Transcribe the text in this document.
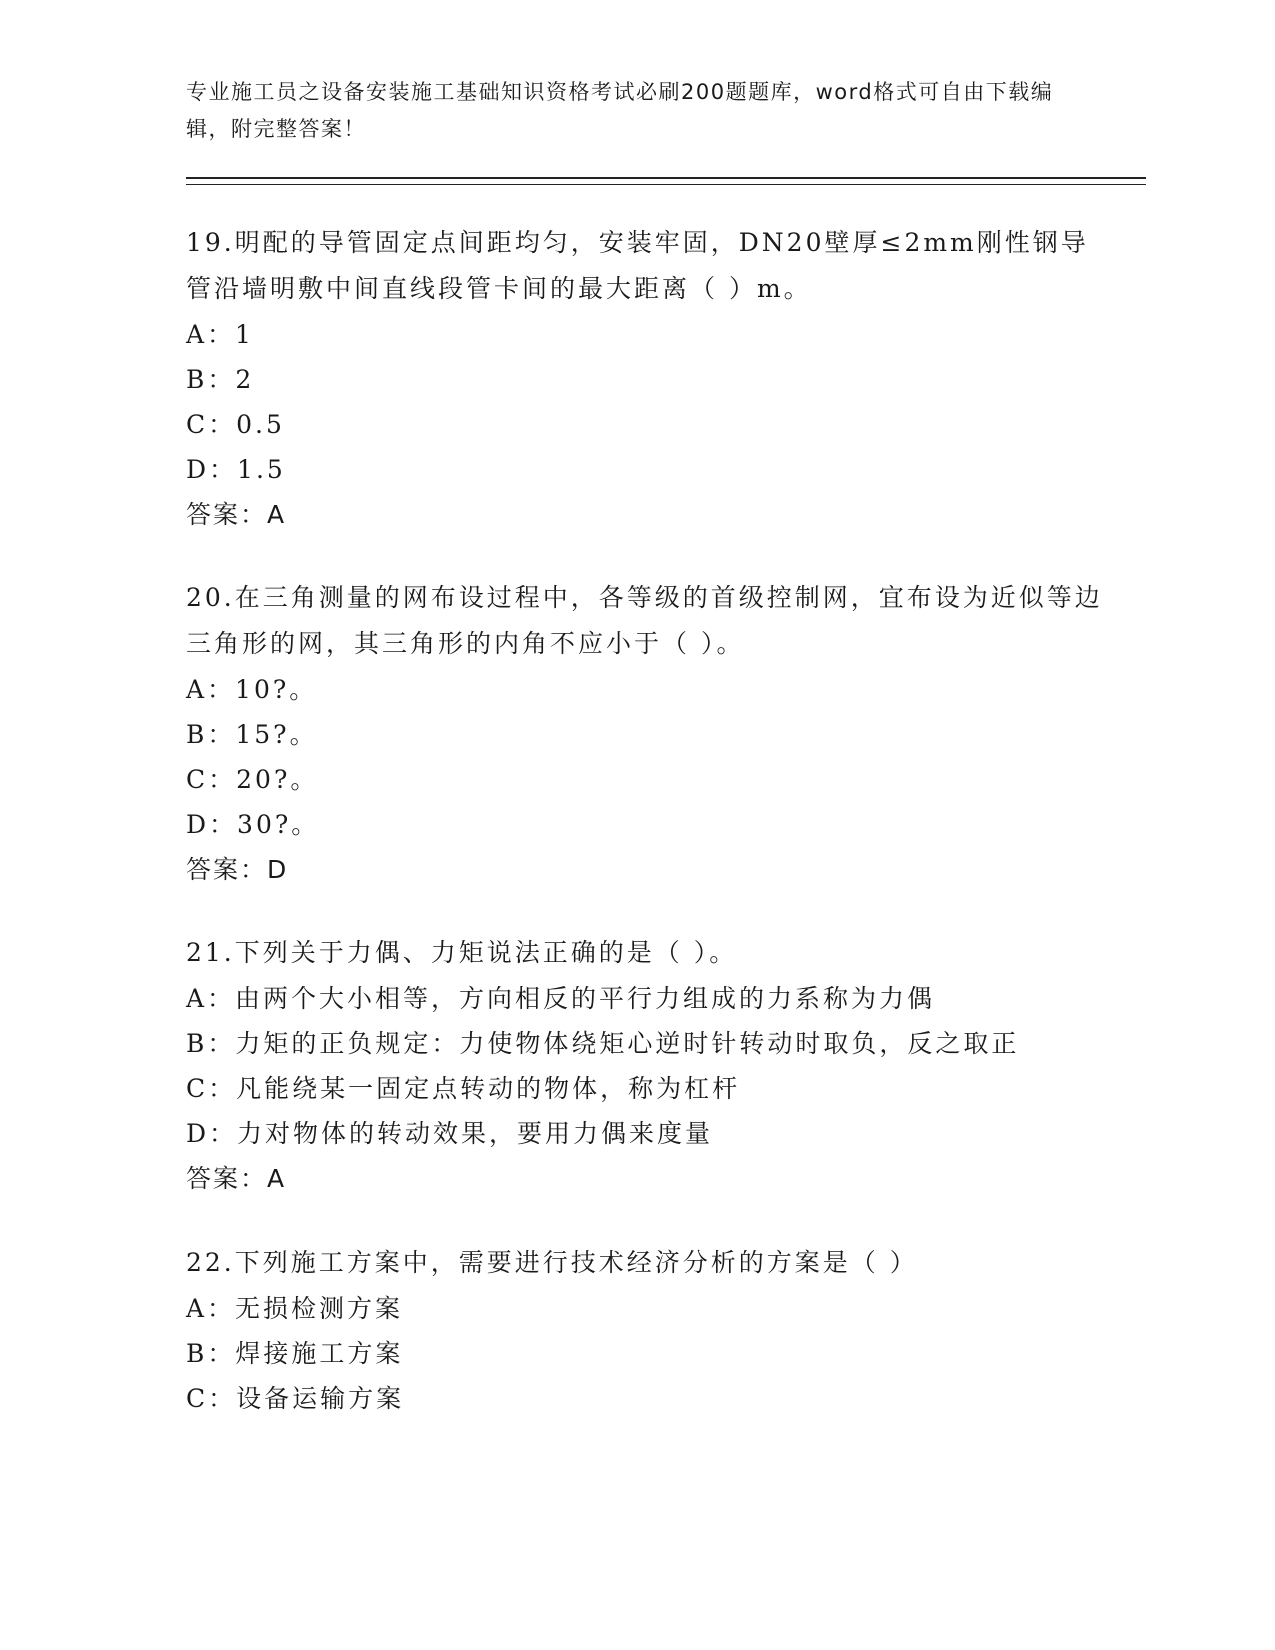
专业施工员之设备安装施工基础知识资格考试必刷200题题库，word格式可自由下载编辑，附完整答案！

19.明配的导管固定点间距均匀，安装牢固，DN20壁厚≤2mm刚性钢导管沿墙明敷中间直线段管卡间的最大距离（ ）m。

A：1

B：2

C：0.5

D：1.5

答案：A

20.在三角测量的网布设过程中，各等级的首级控制网，宜布设为近似等边三角形的网，其三角形的内角不应小于（ ）。

A：10?。

B：15?。

C：20?。

D：30?。

答案：D

21.下列关于力偶、力矩说法正确的是（ ）。

A：由两个大小相等，方向相反的平行力组成的力系称为力偶

B：力矩的正负规定：力使物体绕矩心逆时针转动时取负，反之取正

C：凡能绕某一固定点转动的物体，称为杠杆

D：力对物体的转动效果，要用力偶来度量

答案：A

22.下列施工方案中，需要进行技术经济分析的方案是（ ）

A：无损检测方案

B：焊接施工方案

C：设备运输方案
